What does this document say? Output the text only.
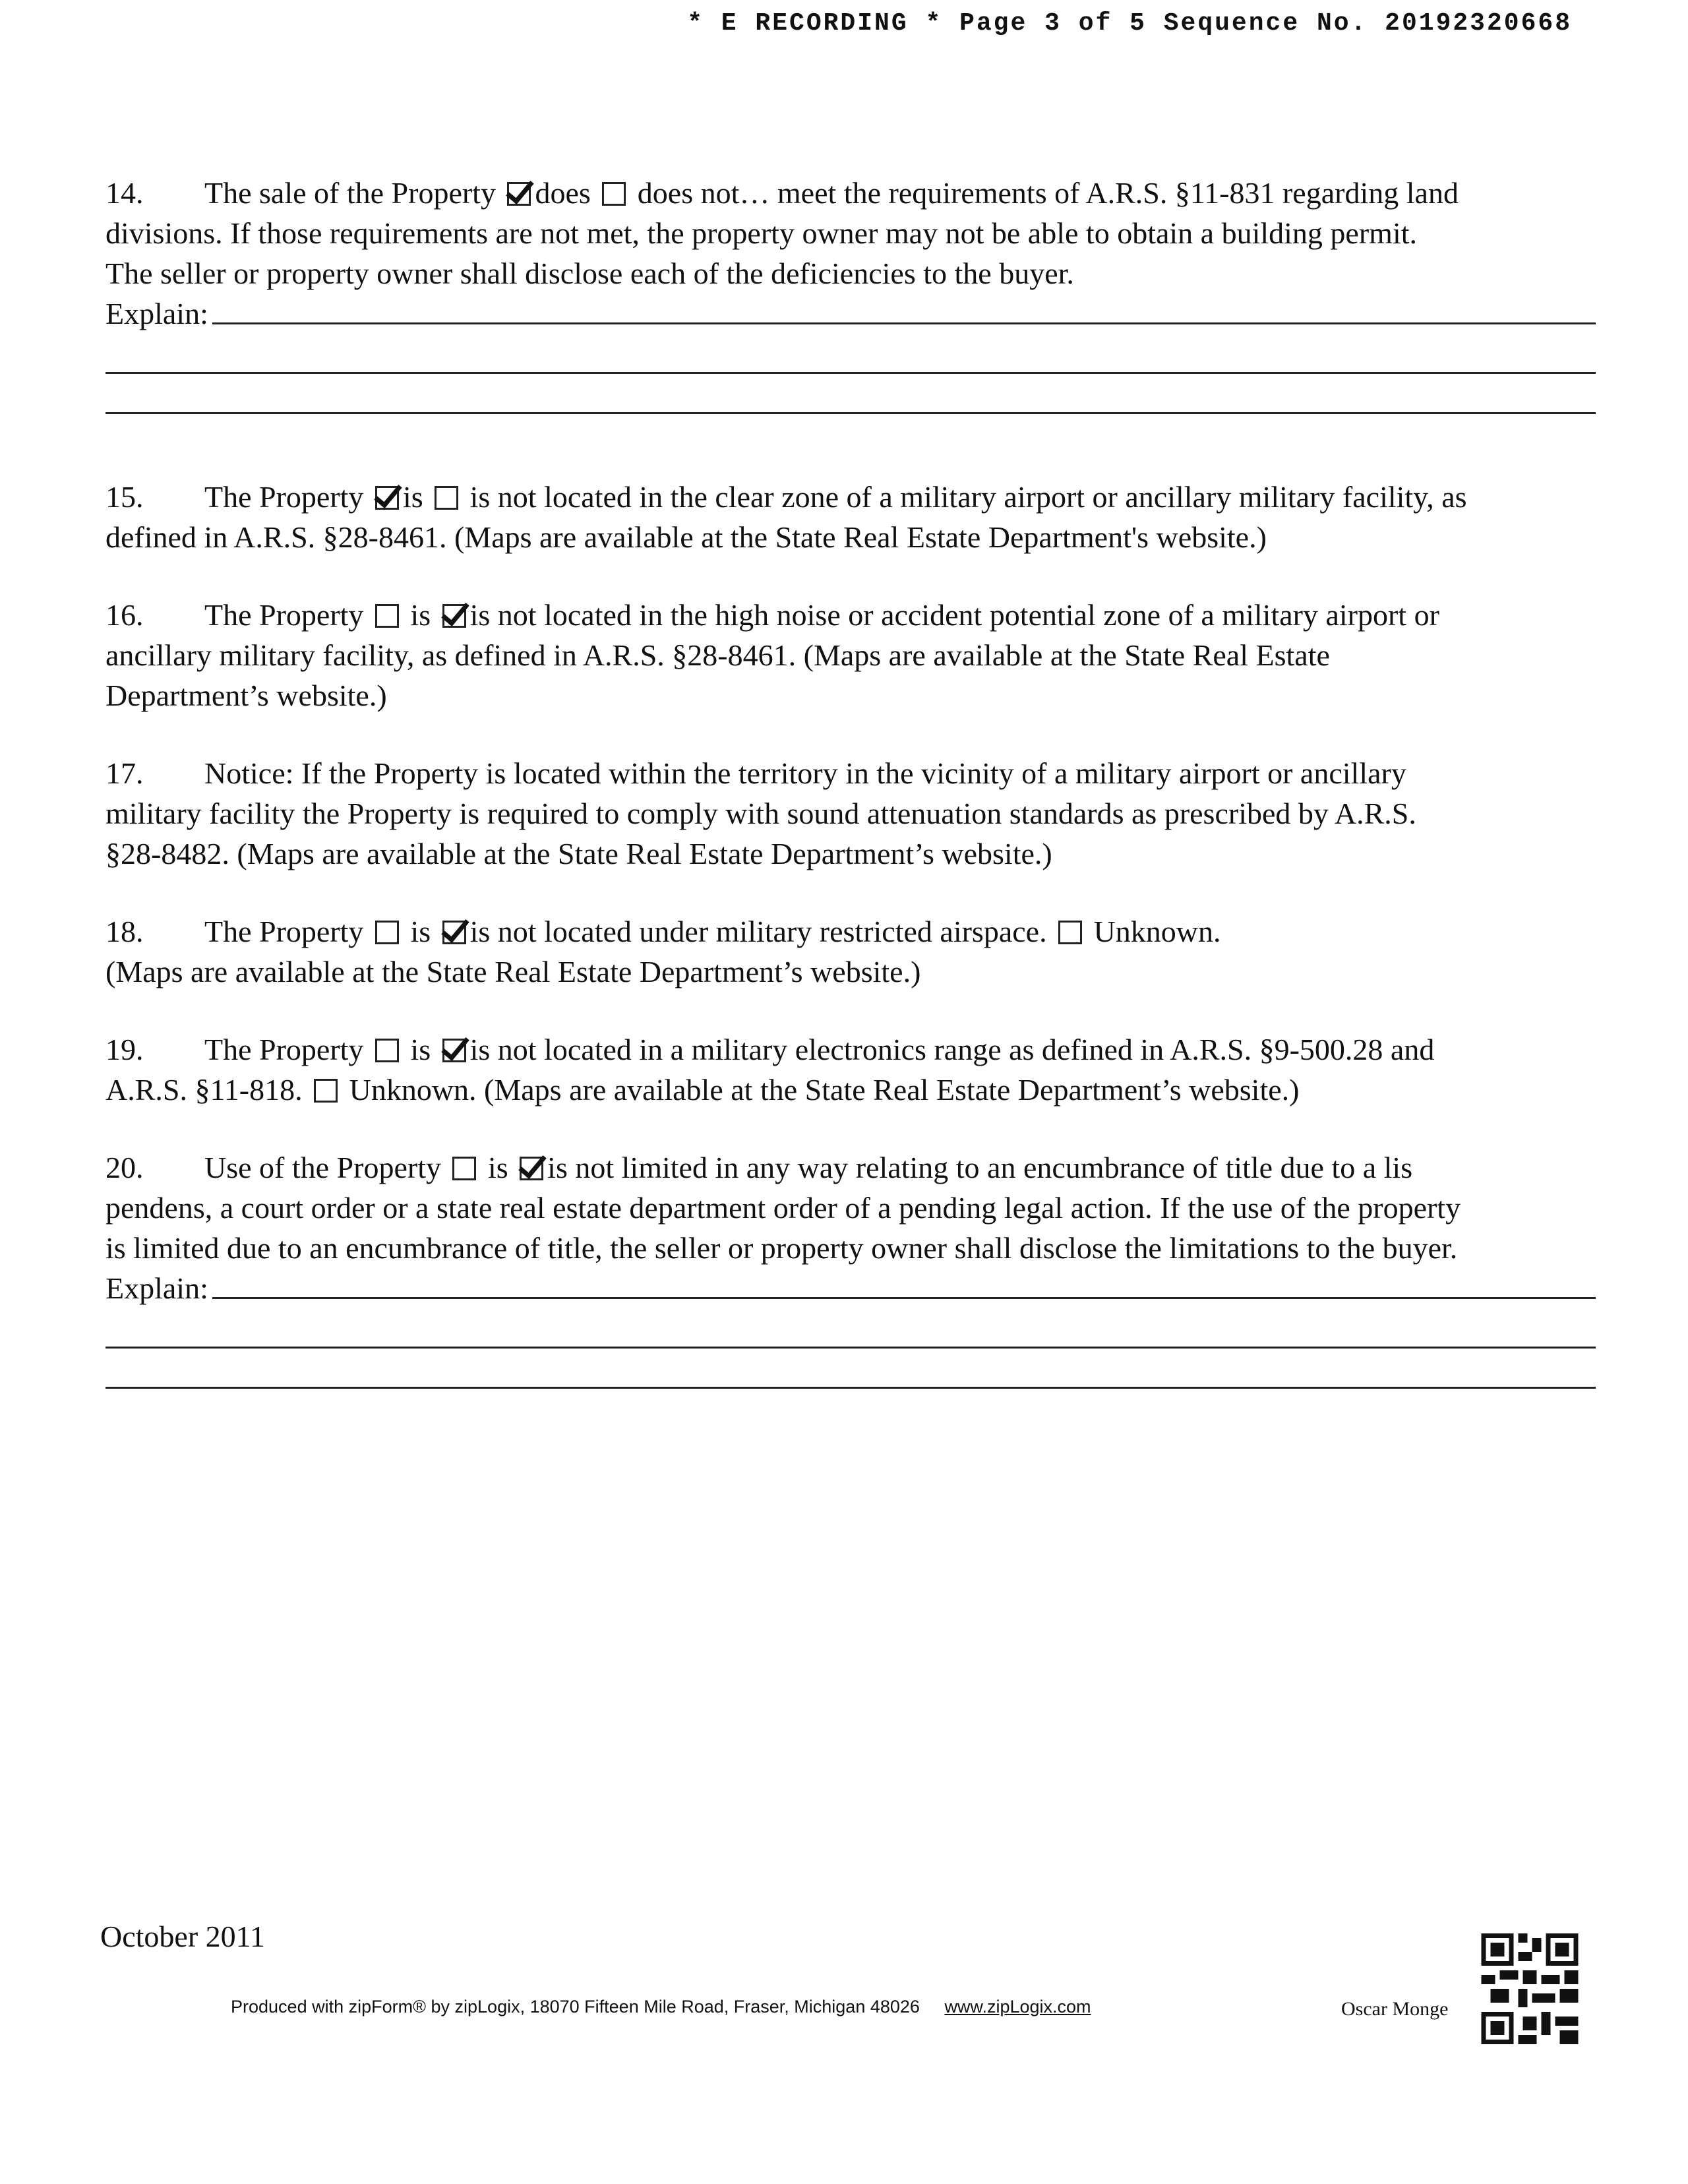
* E RECORDING * Page 3 of 5 Sequence No. 20192320668
14. The sale of the Property does  does not… meet the requirements of A.R.S. §11-831 regarding land
divisions. If those requirements are not met, the property owner may not be able to obtain a building permit.
The seller or property owner shall disclose each of the deficiencies to the buyer.
Explain:
15. The Property is  is not located in the clear zone of a military airport or ancillary military facility, as
defined in A.R.S. §28-8461. (Maps are available at the State Real Estate Department's website.)
16. The Property  is is not located in the high noise or accident potential zone of a military airport or
ancillary military facility, as defined in A.R.S. §28-8461. (Maps are available at the State Real Estate
Department’s website.)
17. Notice: If the Property is located within the territory in the vicinity of a military airport or ancillary
military facility the Property is required to comply with sound attenuation standards as prescribed by A.R.S.
§28-8482. (Maps are available at the State Real Estate Department’s website.)
18. The Property  is is not located under military restricted airspace.  Unknown.
(Maps are available at the State Real Estate Department’s website.)
19. The Property  is is not located in a military electronics range as defined in A.R.S. §9-500.28 and
A.R.S. §11-818.  Unknown. (Maps are available at the State Real Estate Department’s website.)
20. Use of the Property  is is not limited in any way relating to an encumbrance of title due to a lis
pendens, a court order or a state real estate department order of a pending legal action. If the use of the property
is limited due to an encumbrance of title, the seller or property owner shall disclose the limitations to the buyer.
Explain:
October 2011
Produced with zipForm® by zipLogix, 18070 Fifteen Mile Road, Fraser, Michigan 48026 www.zipLogix.com	Oscar Monge
